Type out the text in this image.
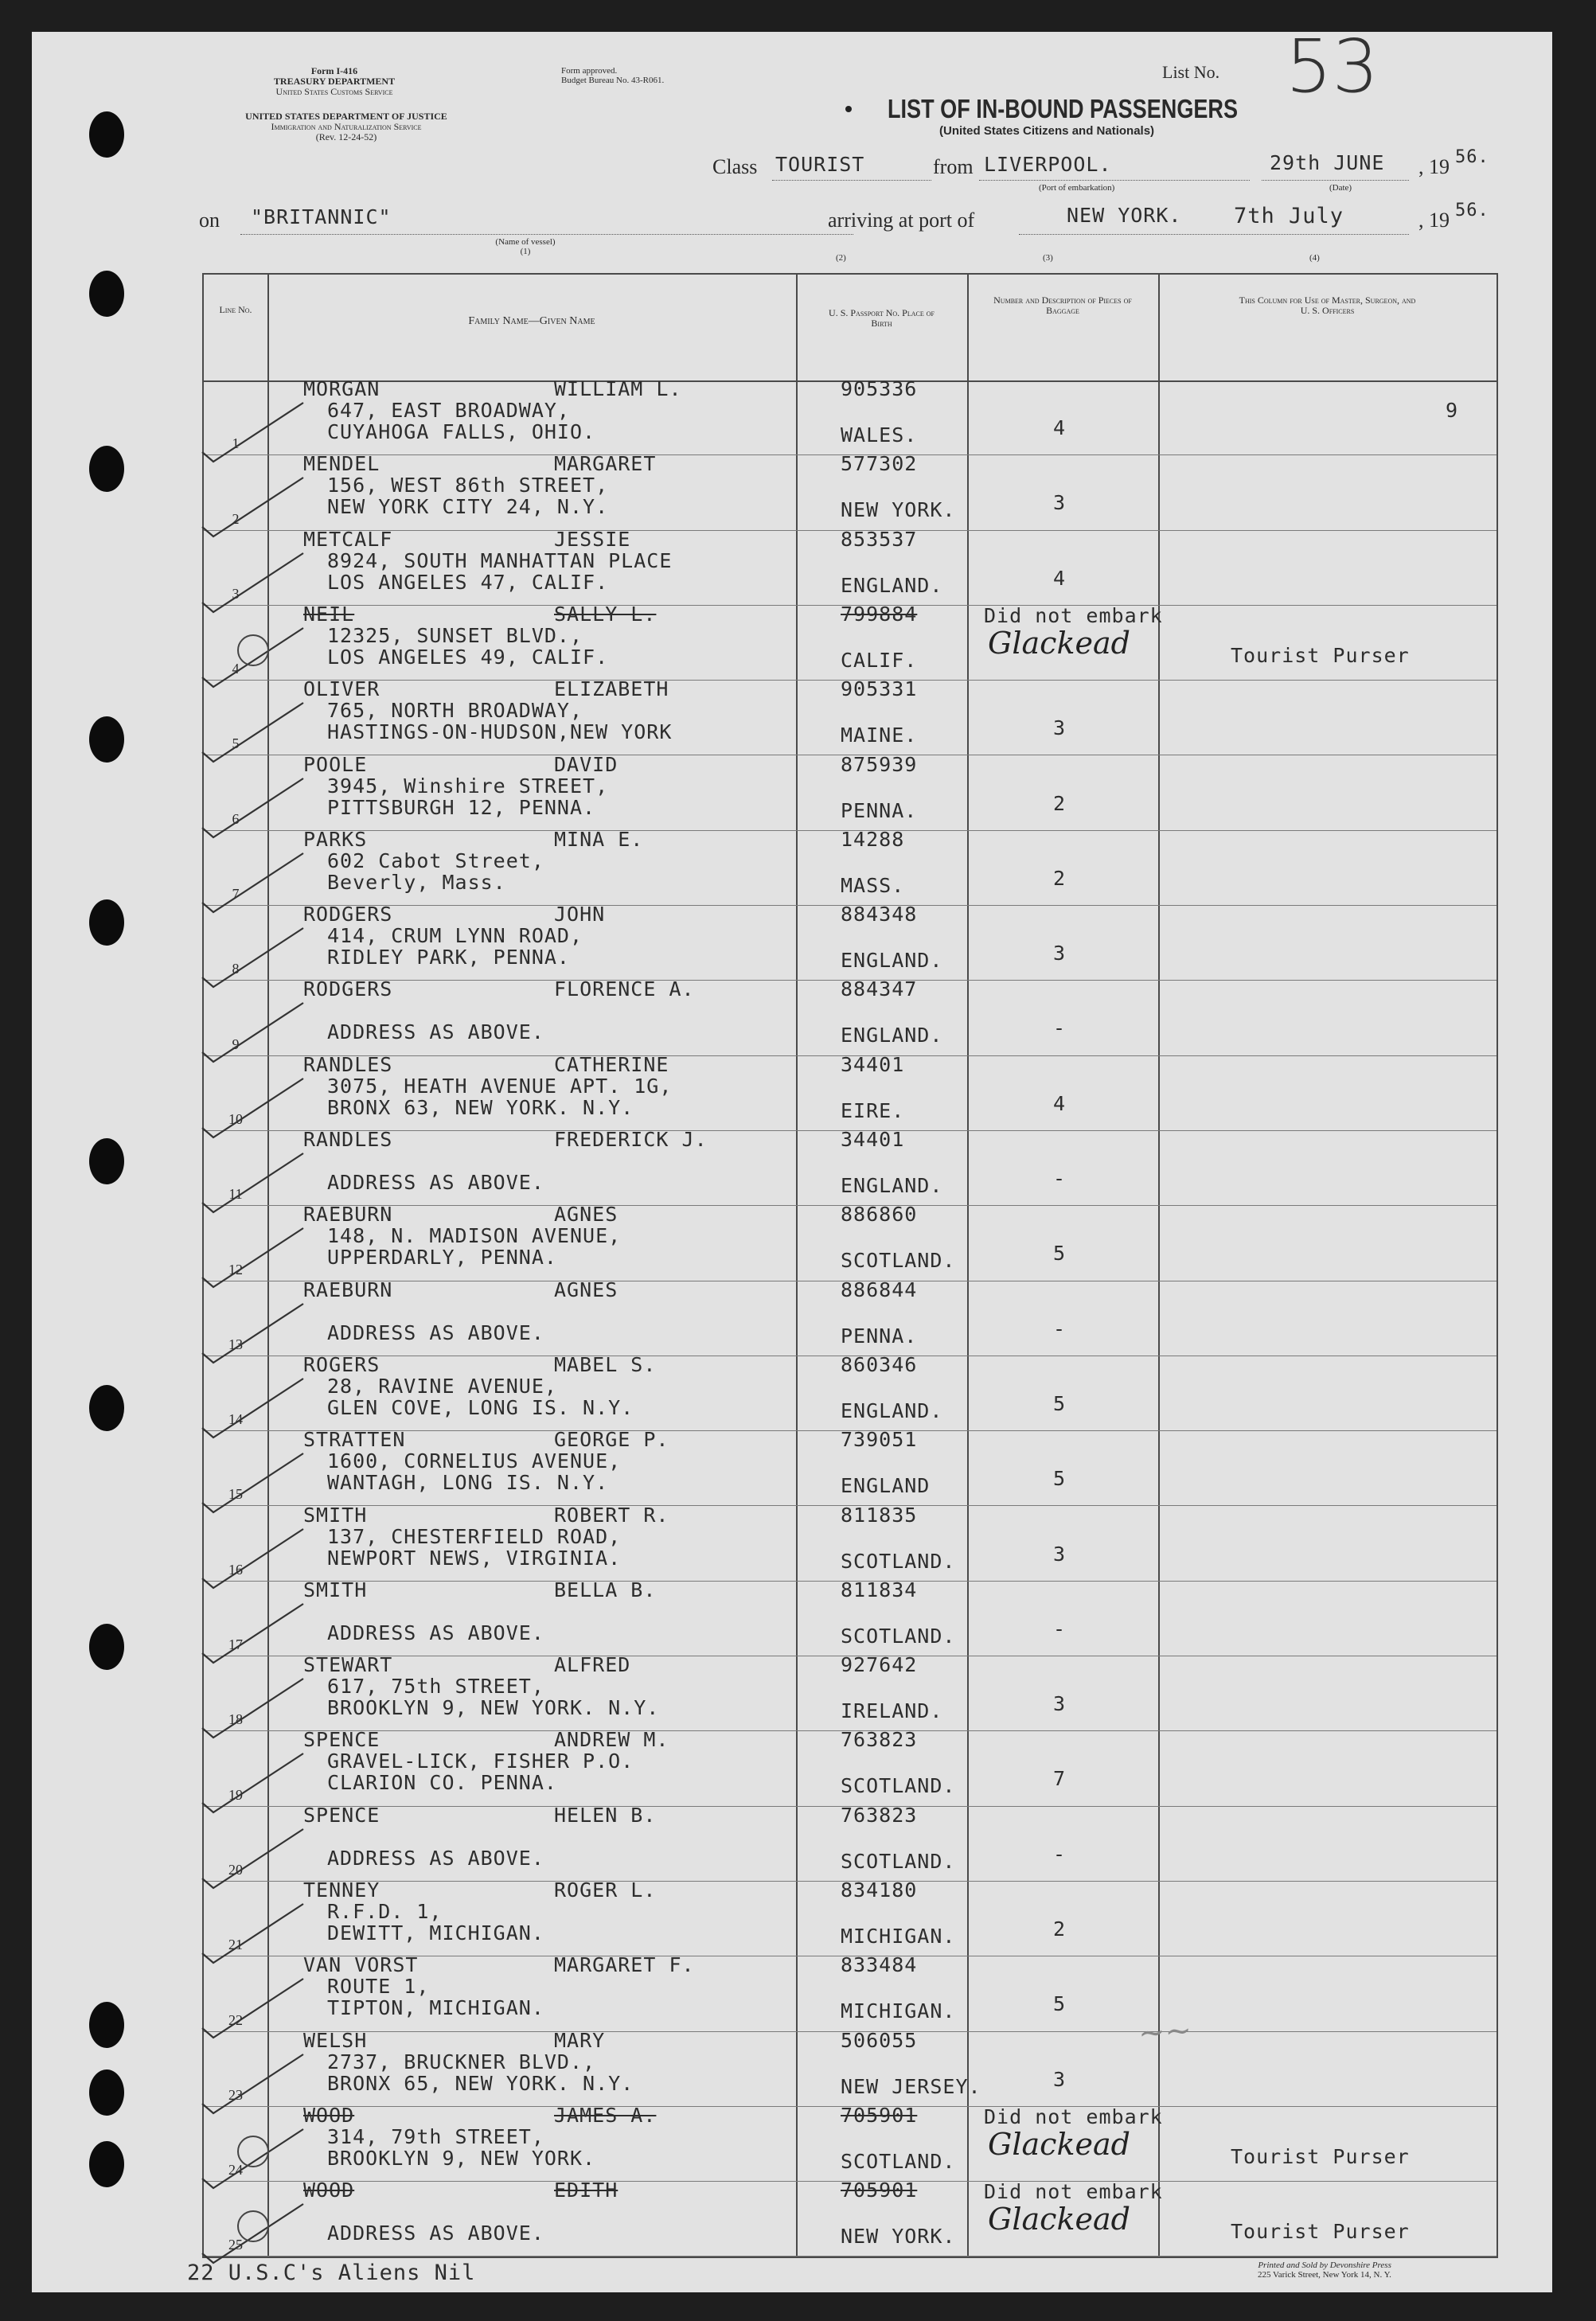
Form I-416
TREASURY DEPARTMENT
United States Customs Service
Form approved.
Budget Bureau No. 43-R061.
UNITED STATES DEPARTMENT OF JUSTICE
Immigration and Naturalization Service
(Rev. 12-24-52)
List No. 53
LIST OF IN-BOUND PASSENGERS
(United States Citizens and Nationals)
Class TOURIST	from LIVERPOOL.
(Port of embarkation)
29th JUNE
(Date)
, 19 56.
on "BRITANNIC"
(Name of vessel)
(1)
arriving at port of	NEW YORK. 7th July	, 19 56.
(2)	(3)	(4)
Line No.
Family Name—Given Name
U. S. Passport No. Place of Birth
Number and Description of Pieces of Baggage
This Column for Use of Master, Surgeon, and U. S. Officers
1
MORGAN	WILLIAM L.
647, EAST BROADWAY,
CUYAHOGA FALLS, OHIO.
905336
WALES.	4
9
2
MENDEL	MARGARET
156, WEST 86th STREET,
NEW YORK CITY 24, N.Y.
577302
NEW YORK.	3
3
METCALF	JESSIE
8924, SOUTH MANHATTAN PLACE
LOS ANGELES 47, CALIF.
853537
ENGLAND.	4
4
NEIL	SALLY L.
12325, SUNSET BLVD.,
LOS ANGELES 49, CALIF.
799884
CALIF.
Did not embark
Glackead	Tourist Purser
5
OLIVER	ELIZABETH
765, NORTH BROADWAY,
HASTINGS-ON-HUDSON,NEW YORK
905331
MAINE.	3
6
POOLE	DAVID
3945, Winshire STREET,
PITTSBURGH 12, PENNA.
875939
PENNA.	2
7
PARKS	MINA E.
602 Cabot Street,
Beverly, Mass.
14288
MASS.	2
8
RODGERS	JOHN
414, CRUM LYNN ROAD,
RIDLEY PARK, PENNA.
884348
ENGLAND.	3
9
RODGERS	FLORENCE A.
ADDRESS AS ABOVE.
884347
ENGLAND.	-
10
RANDLES	CATHERINE
3075, HEATH AVENUE APT. 1G,
BRONX 63, NEW YORK. N.Y.
34401
EIRE.	4
11
RANDLES	FREDERICK J.
ADDRESS AS ABOVE.
34401
ENGLAND.	-
12
RAEBURN	AGNES
148, N. MADISON AVENUE,
UPPERDARLY, PENNA.
886860
SCOTLAND.	5
13
RAEBURN	AGNES
ADDRESS AS ABOVE.
886844
PENNA.	-
14
ROGERS	MABEL S.
28, RAVINE AVENUE,
GLEN COVE, LONG IS. N.Y.
860346
ENGLAND.	5
15
STRATTEN	GEORGE P.
1600, CORNELIUS AVENUE,
WANTAGH, LONG IS. N.Y.
739051
ENGLAND	5
16
SMITH	ROBERT R.
137, CHESTERFIELD ROAD,
NEWPORT NEWS, VIRGINIA.
811835
SCOTLAND.	3
17
SMITH	BELLA B.
ADDRESS AS ABOVE.
811834
SCOTLAND.	-
18
STEWART	ALFRED
617, 75th STREET,
BROOKLYN 9, NEW YORK. N.Y.
927642
IRELAND.	3
19
SPENCE	ANDREW M.
GRAVEL-LICK, FISHER P.O.
CLARION CO. PENNA.
763823
SCOTLAND.	7
20
SPENCE	HELEN B.
ADDRESS AS ABOVE.
763823
SCOTLAND.	-
21
TENNEY	ROGER L.
R.F.D. 1,
DEWITT, MICHIGAN.
834180
MICHIGAN.	2
22
VAN VORST	MARGARET F.
ROUTE 1,
TIPTON, MICHIGAN.
833484
MICHIGAN.	5
23
WELSH	MARY
2737, BRUCKNER BLVD.,
BRONX 65, NEW YORK. N.Y.
506055
NEW JERSEY.	3
24
WOOD	JAMES A.
314, 79th STREET,
BROOKLYN 9, NEW YORK.
705901
SCOTLAND.
Did not embark
Glackead	Tourist Purser
25
WOOD	EDITH
ADDRESS AS ABOVE.
705901
NEW YORK.
Did not embark
Glackead	Tourist Purser
~~
22 U.S.C's Aliens Nil	Printed and Sold by Devonshire Press
225 Varick Street, New York 14, N. Y.
